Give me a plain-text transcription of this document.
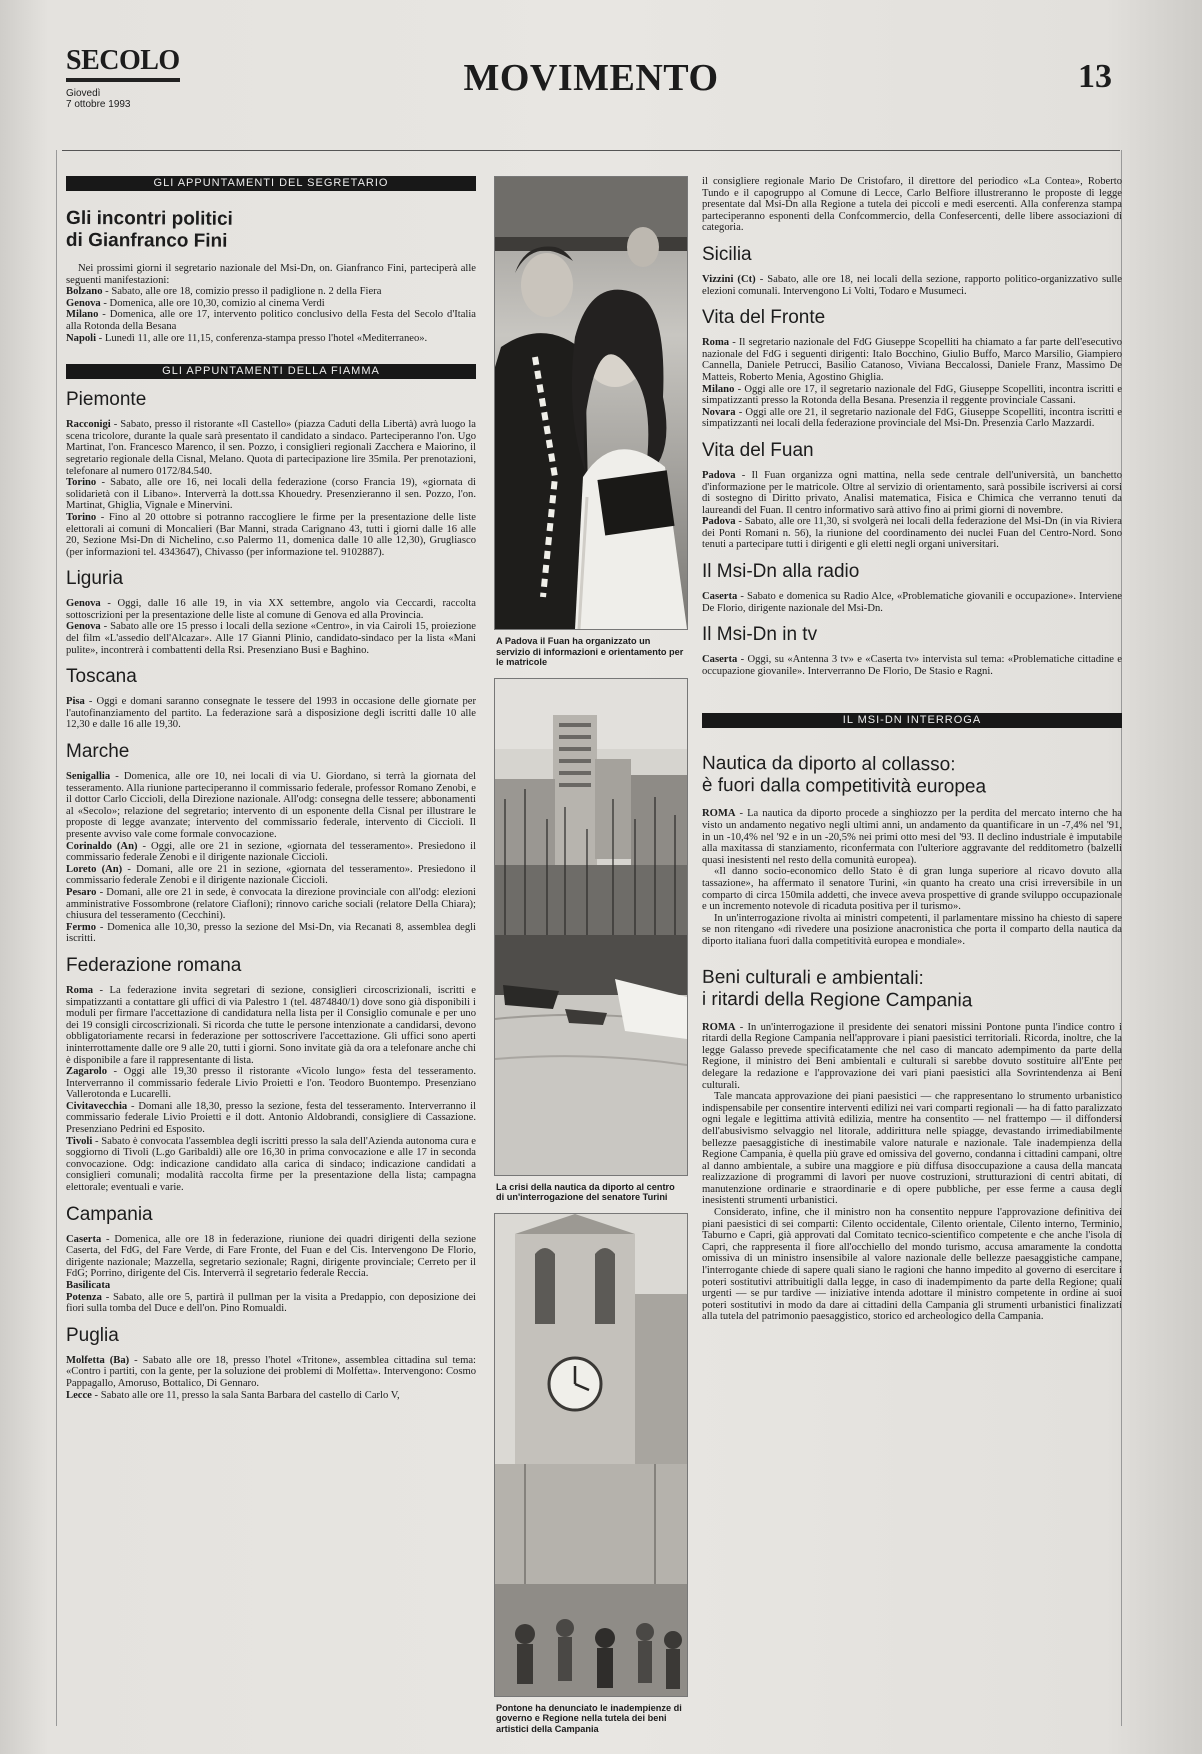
SECOLO
Giovedì
7 ottobre 1993
MOVIMENTO	13
GLI APPUNTAMENTI DEL SEGRETARIO
Gli incontri politici
di Gianfranco Fini

Nei prossimi giorni il segretario nazionale del Msi-Dn, on. Gianfranco Fini, parteciperà alle seguenti manifestazioni:

Bolzano - Sabato, alle ore 18, comizio presso il padiglione n. 2 della Fiera

Genova - Domenica, alle ore 10,30, comizio al cinema Verdi

Milano - Domenica, alle ore 17, intervento politico conclusivo della Festa del Secolo d'Italia alla Rotonda della Besana

Napoli - Lunedì 11, alle ore 11,15, conferenza-stampa presso l'hotel «Mediterraneo».

GLI APPUNTAMENTI DELLA FIAMMA
Piemonte

Racconigi - Sabato, presso il ristorante «Il Castello» (piazza Caduti della Libertà) avrà luogo la scena tricolore, durante la quale sarà presentato il candidato a sindaco. Parteciperanno l'on. Ugo Martinat, l'on. Francesco Marenco, il sen. Pozzo, i consiglieri regionali Zacchera e Maiorino, il segretario regionale della Cisnal, Melano. Quota di partecipazione lire 35mila. Per prenotazioni, telefonare al numero 0172/84.540.

Torino - Sabato, alle ore 16, nei locali della federazione (corso Francia 19), «giornata di solidarietà con il Libano». Interverrà la dott.ssa Khouedry. Presenzieranno il sen. Pozzo, l'on. Martinat, Ghiglia, Vignale e Minervini.

Torino - Fino al 20 ottobre si potranno raccogliere le firme per la presentazione delle liste elettorali ai comuni di Moncalieri (Bar Manni, strada Carignano 43, tutti i giorni dalle 16 alle 20, Sezione Msi-Dn di Nichelino, c.so Palermo 11, domenica dalle 10 alle 12,30), Grugliasco (per informazioni tel. 4343647), Chivasso (per informazione tel. 9102887).

Liguria

Genova - Oggi, dalle 16 alle 19, in via XX settembre, angolo via Ceccardi, raccolta sottoscrizioni per la presentazione delle liste al comune di Genova ed alla Provincia.

Genova - Sabato alle ore 15 presso i locali della sezione «Centro», in via Cairoli 15, proiezione del film «L'assedio dell'Alcazar». Alle 17 Gianni Plinio, candidato-sindaco per la lista «Mani pulite», incontrerà i combattenti della Rsi. Presenziano Busi e Baghino.

Toscana

Pisa - Oggi e domani saranno consegnate le tessere del 1993 in occasione delle giornate per l'autofinanziamento del partito. La federazione sarà a disposizione degli iscritti dalle 10 alle 12,30 e dalle 16 alle 19,30.

Marche

Senigallia - Domenica, alle ore 10, nei locali di via U. Giordano, si terrà la giornata del tesseramento. Alla riunione parteciperanno il commissario federale, professor Romano Zenobi, e il dottor Carlo Ciccioli, della Direzione nazionale. All'odg: consegna delle tessere; abbonamenti al «Secolo»; relazione del segretario; intervento di un esponente della Cisnal per illustrare le proposte di legge avanzate; intervento del commissario federale, intervento di Ciccioli. Il presente avviso vale come formale convocazione.

Corinaldo (An) - Oggi, alle ore 21 in sezione, «giornata del tesseramento». Presiedono il commissario federale Zenobi e il dirigente nazionale Ciccioli.

Loreto (An) - Domani, alle ore 21 in sezione, «giornata del tesseramento». Presiedono il commissario federale Zenobi e il dirigente nazionale Ciccioli.

Pesaro - Domani, alle ore 21 in sede, è convocata la direzione provinciale con all'odg: elezioni amministrative Fossombrone (relatore Ciafloni); rinnovo cariche sociali (relatore Della Chiara); chiusura del tesseramento (Cecchini).

Fermo - Domenica alle 10,30, presso la sezione del Msi-Dn, via Recanati 8, assemblea degli iscritti.

Federazione romana

Roma - La federazione invita segretari di sezione, consiglieri circoscrizionali, iscritti e simpatizzanti a contattare gli uffici di via Palestro 1 (tel. 4874840/1) dove sono già disponibili i moduli per firmare l'accettazione di candidatura nella lista per il Consiglio comunale e per uno dei 19 consigli circoscrizionali. Si ricorda che tutte le persone intenzionate a candidarsi, devono obbligatoriamente recarsi in federazione per sottoscrivere l'accettazione. Gli uffici sono aperti ininterrottamente dalle ore 9 alle 20, tutti i giorni. Sono invitate già da ora a telefonare anche chi è disponibile a fare il rappresentante di lista.

Zagarolo - Oggi alle 19,30 presso il ristorante «Vicolo lungo» festa del tesseramento. Interverranno il commissario federale Livio Proietti e l'on. Teodoro Buontempo. Presenziano Vallerotonda e Lucarelli.

Civitavecchia - Domani alle 18,30, presso la sezione, festa del tesseramento. Interverranno il commissario federale Livio Proietti e il dott. Antonio Aldobrandi, consigliere di Cassazione. Presenziano Pedrini ed Esposito.

Tivoli - Sabato è convocata l'assemblea degli iscritti presso la sala dell'Azienda autonoma cura e soggiorno di Tivoli (L.go Garibaldi) alle ore 16,30 in prima convocazione e alle 17 in seconda convocazione. Odg: indicazione candidato alla carica di sindaco; indicazione candidati a consiglieri comunali; modalità raccolta firme per la presentazione della lista; campagna elettorale; eventuali e varie.

Campania

Caserta - Domenica, alle ore 18 in federazione, riunione dei quadri dirigenti della sezione Caserta, del FdG, del Fare Verde, di Fare Fronte, del Fuan e del Cis. Intervengono De Florio, dirigente nazionale; Mazzella, segretario sezionale; Ragni, dirigente provinciale; Cerreto per il FdG; Porrino, dirigente del Cis. Interverrà il segretario federale Reccia.

Basilicata

Potenza - Sabato, alle ore 5, partirà il pullman per la visita a Predappio, con deposizione dei fiori sulla tomba del Duce e dell'on. Pino Romualdi.

Puglia

Molfetta (Ba) - Sabato alle ore 18, presso l'hotel «Tritone», assemblea cittadina sul tema: «Contro i partiti, con la gente, per la soluzione dei problemi di Molfetta». Intervengono: Cosmo Pappagallo, Amoruso, Bottalico, Di Gennaro.

Lecce - Sabato alle ore 11, presso la sala Santa Barbara del castello di Carlo V,

A Padova il Fuan ha organizzato un servizio di informazioni e orientamento per le matricole
La crisi della nautica da diporto al centro di un'interrogazione del senatore Turini
Pontone ha denunciato le inadempienze di governo e Regione nella tutela dei beni artistici della Campania

il consigliere regionale Mario De Cristofaro, il direttore del periodico «La Contea», Roberto Tundo e il capogruppo al Comune di Lecce, Carlo Belfiore illustreranno le proposte di legge presentate dal Msi-Dn alla Regione a tutela dei piccoli e medi esercenti. Alla conferenza stampa parteciperanno esponenti della Confcommercio, della Confesercenti, delle libere associazioni di categoria.

Sicilia

Vizzini (Ct) - Sabato, alle ore 18, nei locali della sezione, rapporto politico-organizzativo sulle elezioni comunali. Intervengono Li Volti, Todaro e Musumeci.

Vita del Fronte

Roma - Il segretario nazionale del FdG Giuseppe Scopelliti ha chiamato a far parte dell'esecutivo nazionale del FdG i seguenti dirigenti: Italo Bocchino, Giulio Buffo, Marco Marsilio, Giampiero Cannella, Daniele Petrucci, Basilio Catanoso, Viviana Beccalossi, Daniele Franz, Massimo De Matteis, Roberto Menia, Agostino Ghiglia.

Milano - Oggi alle ore 17, il segretario nazionale del FdG, Giuseppe Scopelliti, incontra iscritti e simpatizzanti presso la Rotonda della Besana. Presenzia il reggente provinciale Cassani.

Novara - Oggi alle ore 21, il segretario nazionale del FdG, Giuseppe Scopelliti, incontra iscritti e simpatizzanti nei locali della federazione provinciale del Msi-Dn. Presenzia Carlo Mazzardi.

Vita del Fuan

Padova - Il Fuan organizza ogni mattina, nella sede centrale dell'università, un banchetto d'informazione per le matricole. Oltre al servizio di orientamento, sarà possibile iscriversi ai corsi di sostegno di Diritto privato, Analisi matematica, Fisica e Chimica che verranno tenuti da laureandi del Fuan. Il centro informativo sarà attivo fino ai primi giorni di novembre.

Padova - Sabato, alle ore 11,30, si svolgerà nei locali della federazione del Msi-Dn (in via Riviera dei Ponti Romani n. 56), la riunione del coordinamento dei nuclei Fuan del Centro-Nord. Sono tenuti a partecipare tutti i dirigenti e gli eletti negli organi universitari.

Il Msi-Dn alla radio

Caserta - Sabato e domenica su Radio Alce, «Problematiche giovanili e occupazione». Interviene De Florio, dirigente nazionale del Msi-Dn.

Il Msi-Dn in tv

Caserta - Oggi, su «Antenna 3 tv» e «Caserta tv» intervista sul tema: «Problematiche cittadine e occupazione giovanile». Interverranno De Florio, De Stasio e Ragni.

IL MSI-DN INTERROGA
Nautica da diporto al collasso:
è fuori dalla competitività europea

ROMA - La nautica da diporto procede a singhiozzo per la perdita del mercato interno che ha visto un andamento negativo negli ultimi anni, un andamento da quantificare in un -7,4% nel '91, in un -10,4% nel '92 e in un -20,5% nei primi otto mesi del '93. Il declino industriale è imputabile alla maxitassa di stanziamento, riconfermata con l'ulteriore aggravante del redditometro (balzelli quasi inesistenti nel resto della comunità europea).

«Il danno socio-economico dello Stato è di gran lunga superiore al ricavo dovuto alla tassazione», ha affermato il senatore Turini, «in quanto ha creato una crisi irreversibile in un comparto di circa 150mila addetti, che invece aveva prospettive di grande sviluppo occupazionale e un incremento notevole di ricaduta positiva per il turismo».

In un'interrogazione rivolta ai ministri competenti, il parlamentare missino ha chiesto di sapere se non ritengano «di rivedere una posizione anacronistica che porta il comparto della nautica da diporto italiana fuori dalla competitività europea e mondiale».

Beni culturali e ambientali:
i ritardi della Regione Campania

ROMA - In un'interrogazione il presidente dei senatori missini Pontone punta l'indice contro i ritardi della Regione Campania nell'approvare i piani paesistici territoriali. Ricorda, inoltre, che la legge Galasso prevede specificatamente che nel caso di mancato adempimento da parte della Regione, il ministro dei Beni ambientali e culturali si sarebbe dovuto sostituire all'Ente per delegare la redazione e l'approvazione dei vari piani paesistici alla Sovrintendenza ai Beni culturali.

Tale mancata approvazione dei piani paesistici — che rappresentano lo strumento urbanistico indispensabile per consentire interventi edilizi nei vari comparti regionali — ha di fatto paralizzato ogni legale e legittima attività edilizia, mentre ha consentito — nel frattempo — il diffondersi dell'abusivismo selvaggio nel litorale, addirittura nelle spiagge, devastando irrimediabilmente bellezze paesaggistiche di inestimabile valore naturale e nazionale. Tale inadempienza della Regione Campania, è quella più grave ed omissiva del governo, condanna i cittadini campani, oltre al danno ambientale, a subire una maggiore e più diffusa disoccupazione a causa della mancata realizzazione di programmi di lavori per nuove costruzioni, strutturazioni di centri abitati, di manutenzione ordinarie e straordinarie e di opere pubbliche, per esse ferme a causa degli inesistenti strumenti urbanistici.

Considerato, infine, che il ministro non ha consentito neppure l'approvazione definitiva dei piani paesistici di sei comparti: Cilento occidentale, Cilento orientale, Cilento interno, Terminio, Taburno e Capri, già approvati dal Comitato tecnico-scientifico competente e che anche l'isola di Capri, che rappresenta il fiore all'occhiello del mondo turismo, accusa amaramente la condotta omissiva di un ministro insensibile al valore nazionale delle bellezze paesaggistiche campane, l'interrogante chiede di sapere quali siano le ragioni che hanno impedito al governo di esercitare i poteri sostitutivi attribuitigli dalla legge, in caso di inadempimento da parte della Regione; quali urgenti — se pur tardive — iniziative intenda adottare il ministro competente in ordine ai suoi poteri sostitutivi in modo da dare ai cittadini della Campania gli strumenti urbanistici finalizzati alla tutela del patrimonio paesaggistico, storico ed archeologico della Campania.
